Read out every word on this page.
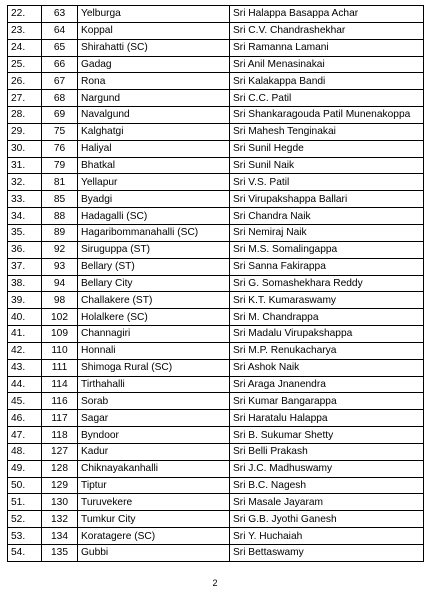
22.	63	Yelburga	Sri Halappa Basappa Achar
23.	64	Koppal	Sri C.V. Chandrashekhar
24.	65	Shirahatti (SC)	Sri Ramanna Lamani
25.	66	Gadag	Sri Anil Menasinakai
26.	67	Rona	Sri Kalakappa Bandi
27.	68	Nargund	Sri C.C. Patil
28.	69	Navalgund	Sri Shankaragouda Patil Munenakoppa
29.	75	Kalghatgi	Sri Mahesh Tenginakai
30.	76	Haliyal	Sri Sunil Hegde
31.	79	Bhatkal	Sri Sunil Naik
32.	81	Yellapur	Sri V.S. Patil
33.	85	Byadgi	Sri Virupakshappa Ballari
34.	88	Hadagalli (SC)	Sri Chandra Naik
35.	89	Hagaribommanahalli (SC)	Sri Nemiraj Naik
36.	92	Siruguppa (ST)	Sri M.S. Somalingappa
37.	93	Bellary (ST)	Sri Sanna Fakirappa
38.	94	Bellary City	Sri G. Somashekhara Reddy
39.	98	Challakere (ST)	Sri K.T. Kumaraswamy
40.	102	Holalkere (SC)	Sri M. Chandrappa
41.	109	Channagiri	Sri Madalu Virupakshappa
42.	110	Honnali	Sri M.P. Renukacharya
43.	111	Shimoga Rural (SC)	Sri Ashok Naik
44.	114	Tirthahalli	Sri Araga Jnanendra
45.	116	Sorab	Sri Kumar Bangarappa
46.	117	Sagar	Sri Haratalu Halappa
47.	118	Byndoor	Sri B. Sukumar Shetty
48.	127	Kadur	Sri Belli Prakash
49.	128	Chiknayakanhalli	Sri J.C. Madhuswamy
50.	129	Tiptur	Sri B.C. Nagesh
51.	130	Turuvekere	Sri Masale Jayaram
52.	132	Tumkur City	Sri G.B. Jyothi Ganesh
53.	134	Koratagere (SC)	Sri Y. Huchaiah
54.	135	Gubbi	Sri Bettaswamy
2
